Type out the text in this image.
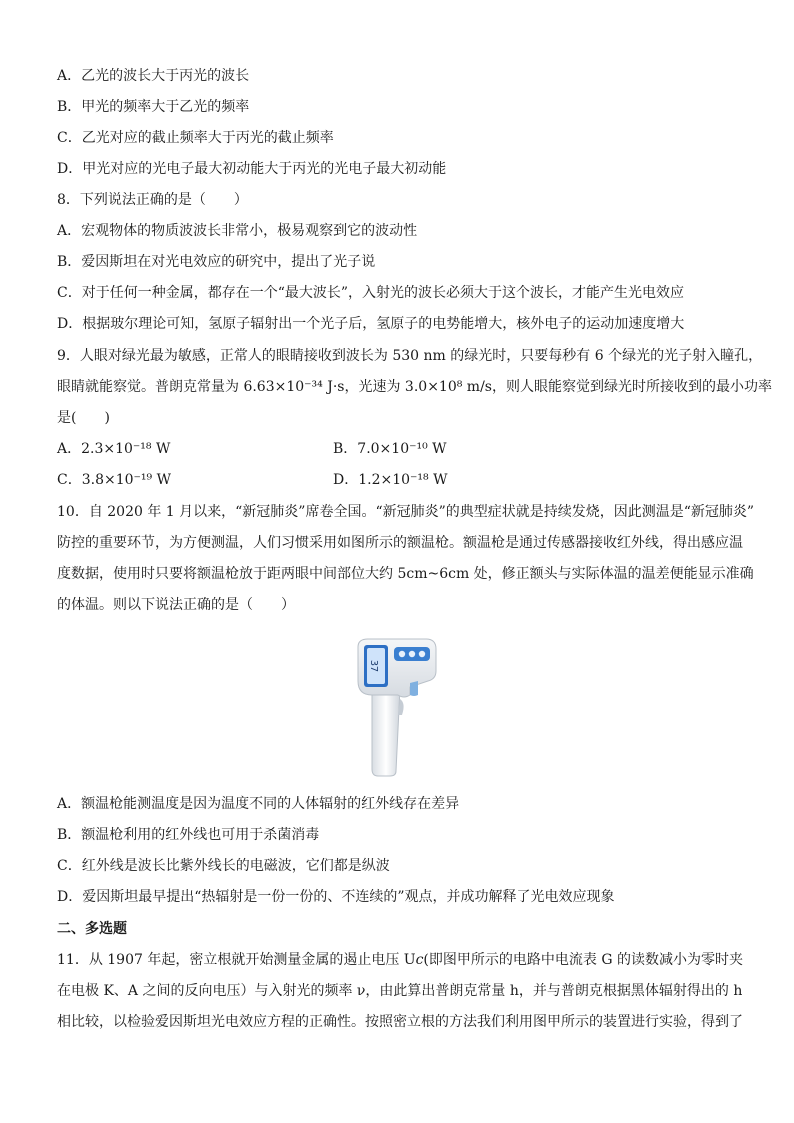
A．乙光的波长大于丙光的波长
B．甲光的频率大于乙光的频率
C．乙光对应的截止频率大于丙光的截止频率
D．甲光对应的光电子最大初动能大于丙光的光电子最大初动能
8．下列说法正确的是（　　）
A．宏观物体的物质波波长非常小，极易观察到它的波动性
B．爱因斯坦在对光电效应的研究中，提出了光子说
C．对于任何一种金属，都存在一个“最大波长”，入射光的波长必须大于这个波长，才能产生光电效应
D．根据玻尔理论可知，氢原子辐射出一个光子后，氢原子的电势能增大，核外电子的运动加速度增大
9．人眼对绿光最为敏感，正常人的眼睛接收到波长为 530 nm 的绿光时，只要每秒有 6 个绿光的光子射入瞳孔，
眼睛就能察觉。普朗克常量为 6.63×10⁻³⁴ J·s，光速为 3.0×10⁸ m/s，则人眼能察觉到绿光时所接收到的最小功率
是(　　)
A．2.3×10⁻¹⁸ W	B．7.0×10⁻¹⁰ W
C．3.8×10⁻¹⁹ W	D．1.2×10⁻¹⁸ W
10．自 2020 年 1 月以来，“新冠肺炎”席卷全国。“新冠肺炎”的典型症状就是持续发烧，因此测温是“新冠肺炎”
防控的重要环节，为方便测温，人们习惯采用如图所示的额温枪。额温枪是通过传感器接收红外线，得出感应温
度数据，使用时只要将额温枪放于距两眼中间部位大约 5cm~6cm 处，修正额头与实际体温的温差便能显示准确
的体温。则以下说法正确的是（　　）
37
A．额温枪能测温度是因为温度不同的人体辐射的红外线存在差异
B．额温枪利用的红外线也可用于杀菌消毒
C．红外线是波长比紫外线长的电磁波，它们都是纵波
D．爱因斯坦最早提出“热辐射是一份一份的、不连续的”观点，并成功解释了光电效应现象
二、多选题
11．从 1907 年起，密立根就开始测量金属的遏止电压 U𝑐(即图甲所示的电路中电流表 G 的读数减小为零时夹
在电极 K、A 之间的反向电压）与入射光的频率 ν，由此算出普朗克常量 h，并与普朗克根据黑体辐射得出的 h
相比较，以检验爱因斯坦光电效应方程的正确性。按照密立根的方法我们利用图甲所示的装置进行实验，得到了
